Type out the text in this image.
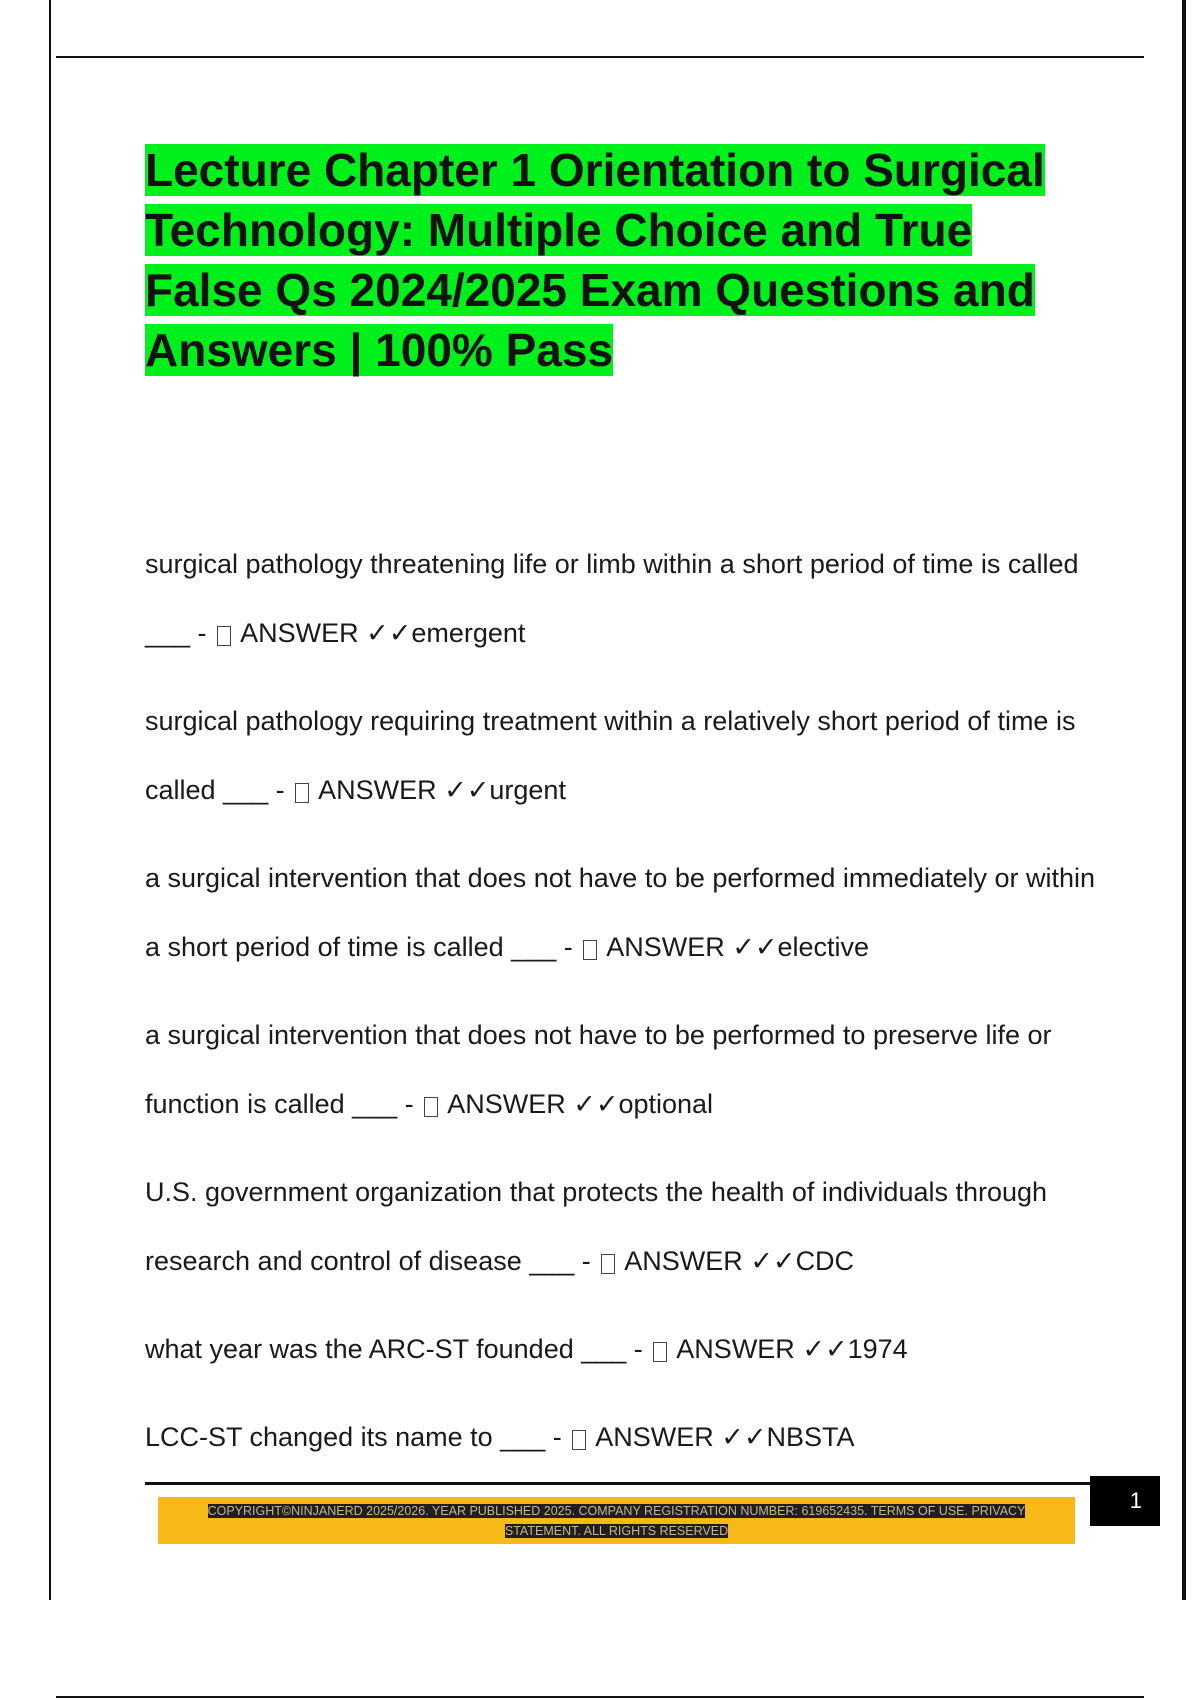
Lecture Chapter 1 Orientation to Surgical Technology: Multiple Choice and True False Qs 2024/2025 Exam Questions and Answers | 100% Pass
surgical pathology threatening life or limb within a short period of time is called ___ -  ANSWER ✓✓emergent
surgical pathology requiring treatment within a relatively short period of time is called ___ -  ANSWER ✓✓urgent
a surgical intervention that does not have to be performed immediately or within a short period of time is called ___ -  ANSWER ✓✓elective
a surgical intervention that does not have to be performed to preserve life or function is called ___ -  ANSWER ✓✓optional
U.S. government organization that protects the health of individuals through research and control of disease ___ -  ANSWER ✓✓CDC
what year was the ARC-ST founded ___ -  ANSWER ✓✓1974
LCC-ST changed its name to ___ -  ANSWER ✓✓NBSTA
COPYRIGHT©NINJANERD 2025/2026. YEAR PUBLISHED 2025. COMPANY REGISTRATION NUMBER: 619652435. TERMS OF USE. PRIVACY STATEMENT. ALL RIGHTS RESERVED
1
